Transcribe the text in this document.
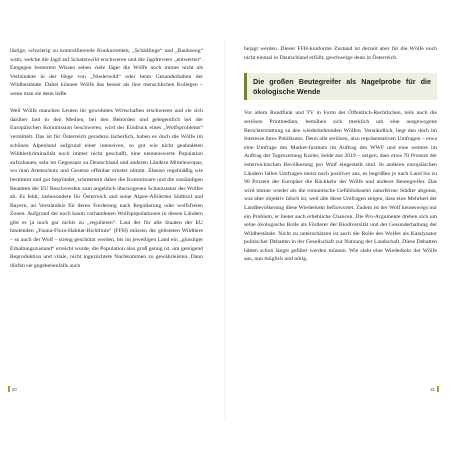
lästige, schwierig zu kontrollierende Konkurrenten, „Schädlinge“ und „Raubzeug“ wahr, welche die Jagd auf Schalenwild erschweren und die Jagdreviere „entwerten“. Entgegen besserem Wissen sehen viele Jäger die Wölfe noch immer nicht als Verbündete in der Hege von „Niederwild“ oder beim Gesunderhalten der Wildbestände. Dabei können Wölfe das besser als ihre menschlichen Kollegen – wenn man sie denn ließe.

Weil Wölfe manchen Leuten ihr gewohntes Wirtschaften erschweren und sie sich darüber laut in den Medien, bei den Behörden und gelegentlich bei der Europäischen Kommission beschweren, wird der Eindruck eines „Wolfsproblems“ vermittelt. Das ist für Österreich geradezu lächerlich, haben es doch die Wölfe im schönen Alpenland aufgrund einer intensiven, so gut wie nicht geahndeten Wildtierkriminalität noch immer nicht geschafft, eine nennenswerte Population aufzubauen, sehr im Gegensatz zu Deutschland und anderen Ländern Mitteleuropas, wo man Artenschutz und Gesetze offenbar ernster nimmt. Ebenso regelmäßig wie bestimmt und gut begründet, schmettern daher die Kommissare und die zuständigen Beamten der EU Beschwerden zum angeblich überzogenen Schutzstatus des Wolfes ab. Es fehlt, insbesondere für Österreich und seine Alpen-Alliierten Südtirol und Bayern, an Verständnis für deren Forderung nach Regulierung oder wolfsfreien Zonen. Aufgrund der noch kaum vorhandenen Wolfspopulationen in diesen Ländern gibt es ja noch gar nichts zu „regulieren“. Laut der für alle Staaten der EU bindenden „Fauna-Flora-Habitat-Richtlinie“ (FFH) müssen die gelisteten Wildtiere – so auch der Wolf – streng geschützt werden, bis im jeweiligen Land ein „günstiger Erhaltungszustand“ erreicht wurde, die Population also groß genug ist, um genügend Reproduktion und vitale, nicht ingezüchtete Nachkommen zu gewährleisten. Dann dürfen sie gegebenenfalls auch

20

bejagt werden. Dieser FFH-konforme Zustand ist derzeit aber für die Wölfe noch nicht einmal in Deutschland erfüllt, geschweige denn in Österreich.

Die großen Beutegreifer als Nagelprobe für die ökologische Wende

Vor allem Rundfunk und TV in Form der Öffentlich-Rechtlichen, teils auch die seriösen Printmedien, bemühen sich merklich um eine ausgewogene Berichterstattung zu den wiederkehrenden Wölfen. Verständlich, liegt den doch im Interesse ihres Publikums. Denn alle seriösen, also repräsentativen Umfragen – etwa eine Umfrage des Market-Instituts im Auftrag des WWF und eine weitere im Auftrag der Tageszeitung Kurier, beide aus 2019 – zeigen, dass etwa 70 Prozent der österreichischen Bevölkerung pro Wolf eingestellt sind. In anderen europäischen Ländern fallen Umfragen meist noch positiver aus, es begrüßen je nach Land bis zu 90 Prozent der Europäer die Rückkehr der Wölfe und anderer Beutegreifer. Das wird immer wieder als die romantische Gefühlsduselei naturferner Städter abgetan, was aber objektiv falsch ist, weil alle diese Umfragen zeigen, dass eine Mehrheit der Landbevölkerung diese Wiederkehr befürwortet. Zudem ist der Wolf keineswegs nur ein Problem, er bietet auch erhebliche Chancen. Die Pro-Argumente drehen sich um seine ökologische Rolle als Förderer der Biodiversität und der Gesunderhaltung der Wildbestände. Nicht zu unterschätzen ist auch die Rolle des Wolfes als Katalysator politischer Debatten in der Gesellschaft zur Nutzung der Landschaft. Diese Debatten hätten schon längst geführt werden müssen. Wie sieht eine Wiederkehr der Wölfe aus, nun möglich und nötig.

21
